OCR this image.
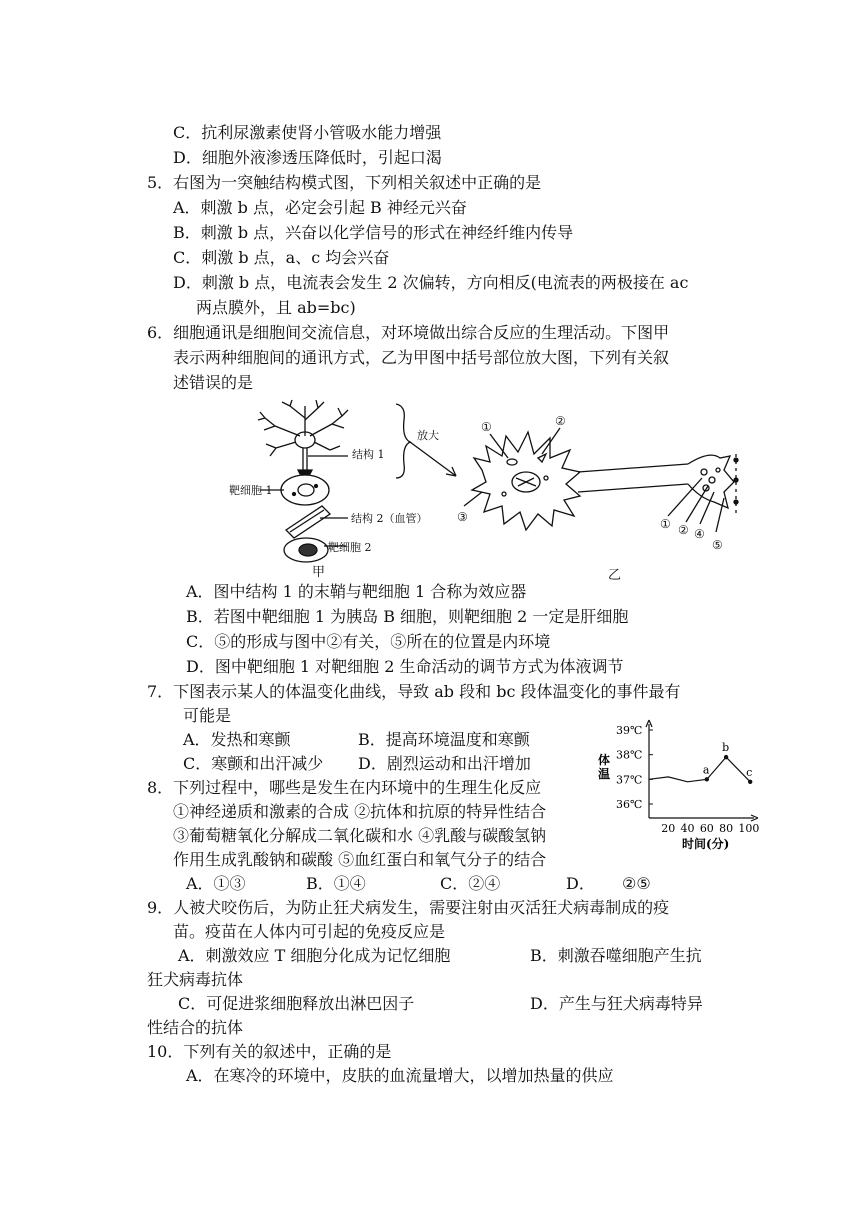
C．抗利尿激素使肾小管吸水能力增强
D．细胞外液渗透压降低时，引起口渴
5．右图为一突触结构模式图，下列相关叙述中正确的是
A．刺激 b 点，必定会引起 B 神经元兴奋
B．刺激 b 点，兴奋以化学信号的形式在神经纤维内传导
C．刺激 b 点，a、c 均会兴奋
D．刺激 b 点，电流表会发生 2 次偏转，方向相反(电流表的两极接在 ac
两点膜外，且 ab=bc)
6．细胞通讯是细胞间交流信息，对环境做出综合反应的生理活动。下图甲
表示两种细胞间的通讯方式，乙为甲图中括号部位放大图，下列有关叙
述错误的是
结构 1
放大
靶细胞 1
结构 2（血管）
靶细胞 2
甲	乙
①	②
③	① ② ④
⑤
A．图中结构 1 的末鞘与靶细胞 1 合称为效应器
B．若图中靶细胞 1 为胰岛 B 细胞，则靶细胞 2 一定是肝细胞
C．⑤的形成与图中②有关，⑤所在的位置是内环境
D．图中靶细胞 1 对靶细胞 2 生命活动的调节方式为体液调节
7．下图表示某人的体温变化曲线，导致 ab 段和 bc 段体温变化的事件最有
可能是
A．发热和寒颤	B．提高环境温度和寒颤
C．寒颤和出汗减少 D．剧烈运动和出汗增加
8．下列过程中，哪些是发生在内环境中的生理生化反应
①神经递质和激素的合成 ②抗体和抗原的特异性结合
③葡萄糖氧化分解成二氧化碳和水 ④乳酸与碳酸氢钠
作用生成乳酸钠和碳酸 ⑤血红蛋白和氧气分子的结合
A．①③	B．①④	C．②④	D． ②⑤
9．人被犬咬伤后，为防止狂犬病发生，需要注射由灭活狂犬病毒制成的疫
苗。疫苗在人体内可引起的免疫反应是
A．刺激效应 T 细胞分化成为记忆细胞	B．刺激吞噬细胞产生抗
狂犬病毒抗体
C．可促进浆细胞释放出淋巴因子	D．产生与狂犬病毒特异
性结合的抗体
10．下列有关的叙述中，正确的是
A．在寒冷的环境中，皮肤的血流量增大，以增加热量的供应
体
温
时间(分)
36℃
37℃
38℃
39℃
20 40 60 80 100
a
b
c
